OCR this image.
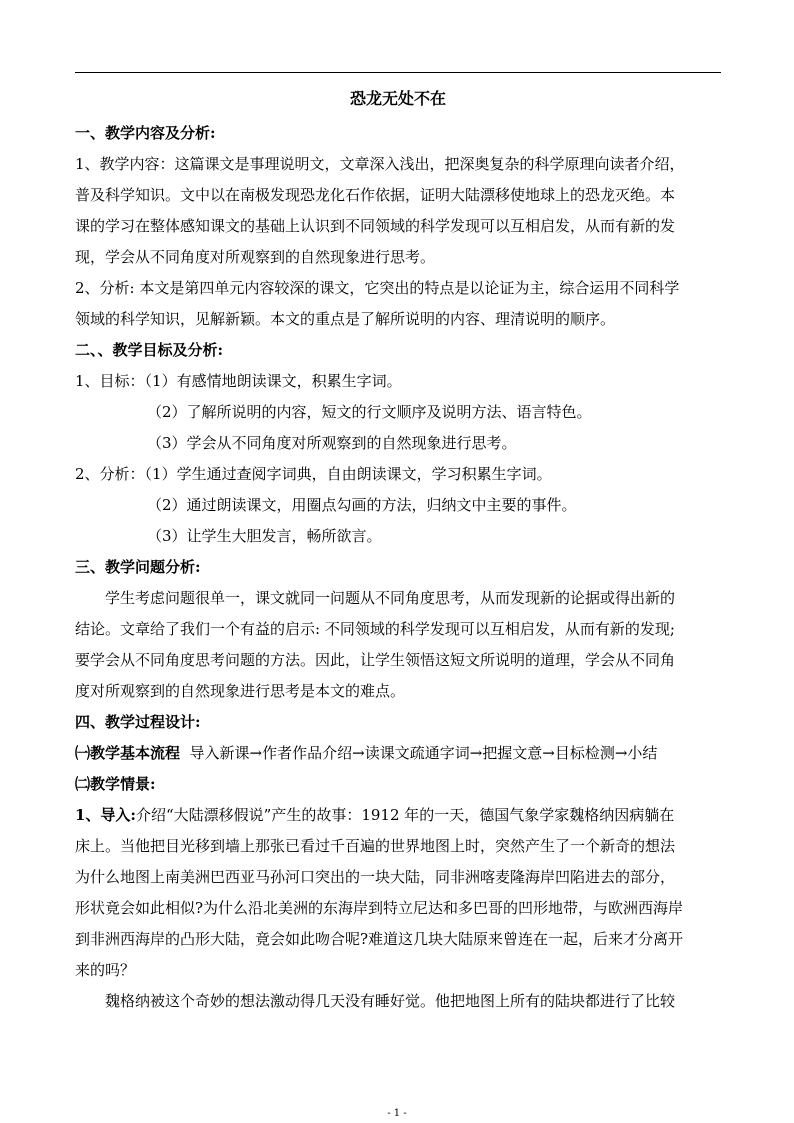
恐龙无处不在

一、教学内容及分析:

1、教学内容：这篇课文是事理说明文，文章深入浅出，把深奥复杂的科学原理向读者介绍，

普及科学知识。文中以在南极发现恐龙化石作依据，证明大陆漂移使地球上的恐龙灭绝。本

课的学习在整体感知课文的基础上认识到不同领域的科学发现可以互相启发，从而有新的发

现，学会从不同角度对所观察到的自然现象进行思考。

2、分析: 本文是第四单元内容较深的课文，它突出的特点是以论证为主，综合运用不同科学

领域的科学知识，见解新颖。本文的重点是了解所说明的内容、理清说明的顺序。

二、、教学目标及分析:

1、目标：（1）有感情地朗读课文，积累生字词。

（2）了解所说明的内容，短文的行文顺序及说明方法、语言特色。

（3）学会从不同角度对所观察到的自然现象进行思考。

2、分析：（1）学生通过查阅字词典，自由朗读课文，学习积累生字词。

（2）通过朗读课文，用圈点勾画的方法，归纳文中主要的事件。

（3）让学生大胆发言，畅所欲言。

三、教学问题分析:

学生考虑问题很单一，课文就同一问题从不同角度思考，从而发现新的论据或得出新的

结论。文章给了我们一个有益的启示: 不同领域的科学发现可以互相启发，从而有新的发现;

要学会从不同角度思考问题的方法。因此，让学生领悟这短文所说明的道理，学会从不同角

度对所观察到的自然现象进行思考是本文的难点。

四、教学过程设计:

㈠教学基本流程  导入新课→作者作品介绍→读课文疏通字词→把握文意→目标检测→小结

㈡教学情景:

1、导入:介绍“大陆漂移假说”产生的故事：1912 年的一天，德国气象学家魏格纳因病躺在

床上。当他把目光移到墙上那张已看过千百遍的世界地图上时，突然产生了一个新奇的想法

为什么地图上南美洲巴西亚马孙河口突出的一块大陆，同非洲喀麦隆海岸凹陷进去的部分，

形状竟会如此相似?为什么沿北美洲的东海岸到特立尼达和多巴哥的凹形地带，与欧洲西海岸

到非洲西海岸的凸形大陆，竟会如此吻合呢?难道这几块大陆原来曾连在一起，后来才分离开

来的吗？

魏格纳被这个奇妙的想法激动得几天没有睡好觉。他把地图上所有的陆块都进行了比较

- 1 -
